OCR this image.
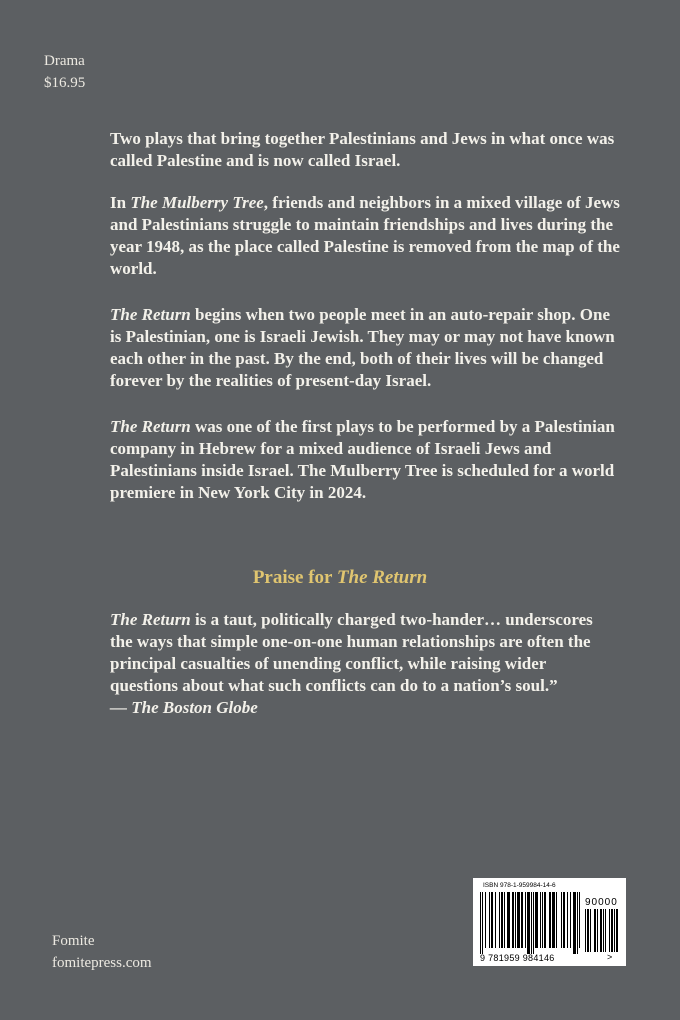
Drama
$16.95

Two plays that bring together Palestinians and Jews in what once was called Palestine and is now called Israel.

In The Mulberry Tree, friends and neighbors in a mixed village of Jews and Palestinians struggle to maintain friendships and lives during the year 1948, as the place called Palestine is removed from the map of the world.

The Return begins when two people meet in an auto-repair shop. One is Palestinian, one is Israeli Jewish. They may or may not have known each other in the past. By the end, both of their lives will be changed forever by the realities of present-day Israel.

The Return was one of the first plays to be performed by a Palestinian company in Hebrew for a mixed audience of Israeli Jews and Palestinians inside Israel. The Mulberry Tree is scheduled for a world premiere in New York City in 2024.

Praise for The Return
The Return is a taut, politically charged two-hander… underscores the ways that simple one-on-one human relationships are often the principal casualties of unending conflict, while raising wider questions about what such conflicts can do to a nation’s soul.”
— The Boston Globe
Fomite
fomitepress.com
ISBN 978-1-959984-14-6
90000
9 781959 984146	>
